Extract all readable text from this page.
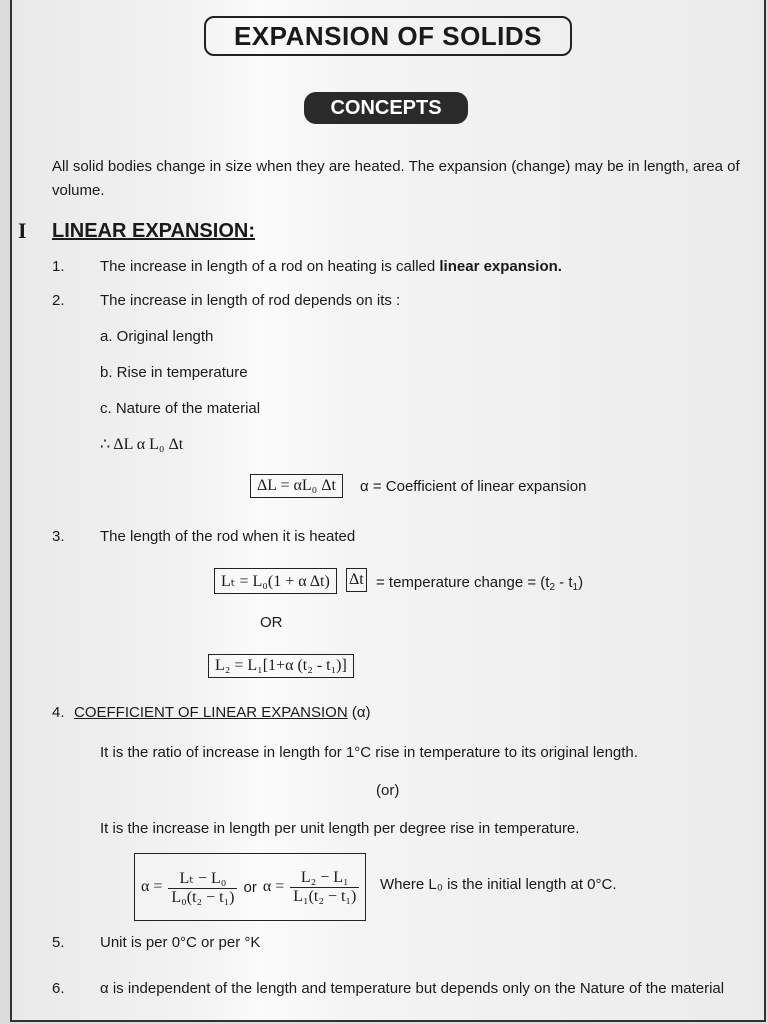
EXPANSION OF SOLIDS
CONCEPTS
All solid bodies change in size when they are heated. The expansion (change) may be in length, area of
volume.
I LINEAR EXPANSION:
1. The increase in length of a rod on heating is called linear expansion.
2. The increase in length of rod depends on its :
a. Original length
b. Rise in temperature
c. Nature of the material
∴ ΔL α L₀ Δt
ΔL = αL₀ Δt	α = Coefficient of linear expansion
3. The length of the rod when it is heated
Lₜ = L₀(1 + α Δt)	Δt = temperature change = $(t_2 - t_1)$
OR
L₂ = L₁[1+α (t₂ - t₁)]
4. COEFFICIENT OF LINEAR EXPANSION (α)
It is the ratio of increase in length for 1°C rise in temperature to its original length.
(or)
It is the increase in length per unit length per degree rise in temperature.
$\alpha = \frac{\text{Lₜ − L₀}}{\text{L₀(t₂ − t₁)}}$ or $\alpha = \frac{\text{L₂ − L₁}}{\text{L₁(t₂ − t₁)}}$ Where L₀ is the initial length at 0°C.
5. Unit is per 0°C or per °K
6. α is independent of the length and temperature but depends only on the Nature of the material
